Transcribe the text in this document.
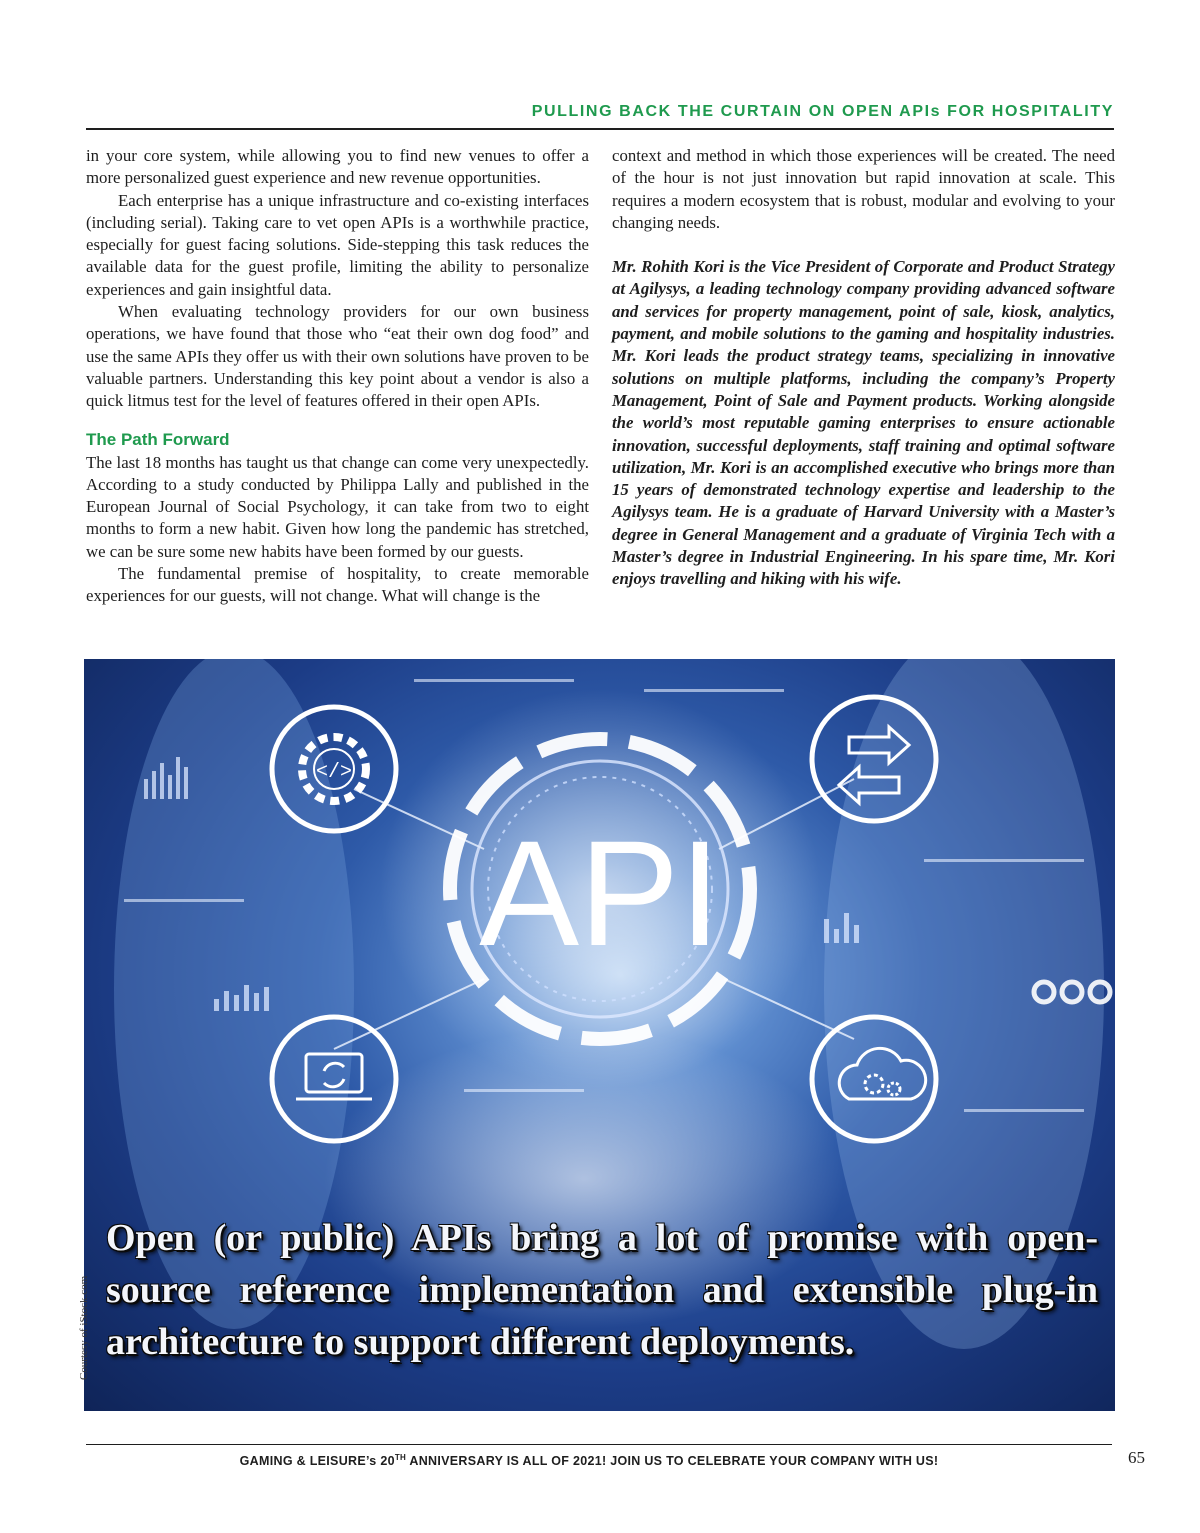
PULLING BACK THE CURTAIN ON OPEN APIs FOR HOSPITALITY

in your core system, while allowing you to find new venues to offer a more personalized guest experience and new revenue opportunities.

Each enterprise has a unique infrastructure and co-existing interfaces (including serial). Taking care to vet open APIs is a worthwhile practice, especially for guest facing solutions. Side-stepping this task reduces the available data for the guest profile, limiting the ability to personalize experiences and gain insightful data.

When evaluating technology providers for our own business operations, we have found that those who “eat their own dog food” and use the same APIs they offer us with their own solutions have proven to be valuable partners. Understanding this key point about a vendor is also a quick litmus test for the level of features offered in their open APIs.

The Path Forward

The last 18 months has taught us that change can come very unexpectedly. According to a study conducted by Philippa Lally and published in the European Journal of Social Psychology, it can take from two to eight months to form a new habit. Given how long the pandemic has stretched, we can be sure some new habits have been formed by our guests.

The fundamental premise of hospitality, to create memorable experiences for our guests, will not change. What will change is the

context and method in which those experiences will be created. The need of the hour is not just innovation but rapid innovation at scale. This requires a modern ecosystem that is robust, modular and evolving to your changing needs.

Mr. Rohith Kori is the Vice President of Corporate and Product Strategy at Agilysys, a leading technology company providing advanced software and services for property management, point of sale, kiosk, analytics, payment, and mobile solutions to the gaming and hospitality industries. Mr. Kori leads the product strategy teams, specializing in innovative solutions on multiple platforms, including the company’s Property Management, Point of Sale and Payment products. Working alongside the world’s most reputable gaming enterprises to ensure actionable innovation, successful deployments, staff training and optimal software utilization, Mr. Kori is an accomplished executive who brings more than 15 years of demonstrated technology expertise and leadership to the Agilysys team. He is a graduate of Harvard University with a Master’s degree in General Management and a graduate of Virginia Tech with a Master’s degree in Industrial Engineering. In his spare time, Mr. Kori enjoys travelling and hiking with his wife.

API
</>
Open (or public) APIs bring a lot of promise with open-source reference implementation and extensible plug-in architecture to support different deployments.
Courtesy of iStock.com
GAMING & LEISURE’s 20TH ANNIVERSARY IS ALL OF 2021! JOIN US TO CELEBRATE YOUR COMPANY WITH US!	65
